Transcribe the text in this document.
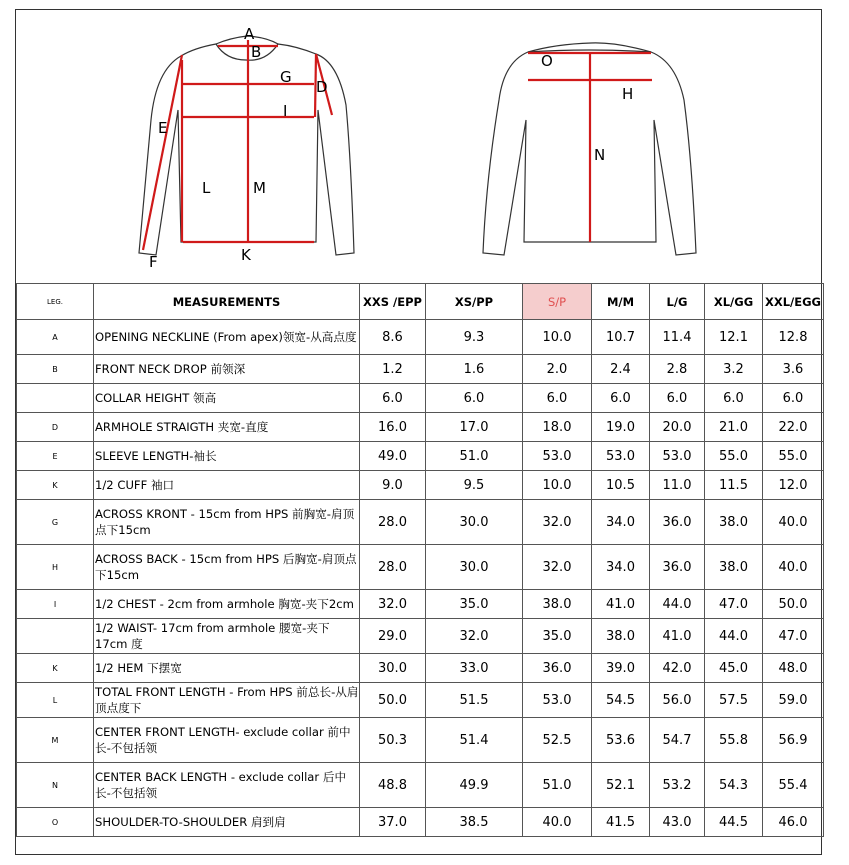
A
B
G
D
I
E
L	M
K
F
O
H
N
LEG.	MEASUREMENTS	XXS /EPP	XS/PP	S/P	M/M	L/G	XL/GG	XXL/EGG
A	OPENING NECKLINE (From apex)领宽-从高点度	8.6	9.3	10.0	10.7	11.4	12.1	12.8
B	FRONT NECK DROP 前领深	1.2	1.6	2.0	2.4	2.8	3.2	3.6
	COLLAR HEIGHT 领高	6.0	6.0	6.0	6.0	6.0	6.0	6.0
D	ARMHOLE STRAIGTH 夹宽-直度	16.0	17.0	18.0	19.0	20.0	21.0	22.0
E	SLEEVE LENGTH-袖长	49.0	51.0	53.0	53.0	53.0	55.0	55.0
K	1/2 CUFF 袖口	9.0	9.5	10.0	10.5	11.0	11.5	12.0
G	ACROSS KRONT - 15cm from HPS 前胸宽-肩顶点下15cm	28.0	30.0	32.0	34.0	36.0	38.0	40.0
H	ACROSS BACK - 15cm from HPS 后胸宽-肩顶点下15cm	28.0	30.0	32.0	34.0	36.0	38.0	40.0
I	1/2 CHEST - 2cm from armhole 胸宽-夹下2cm	32.0	35.0	38.0	41.0	44.0	47.0	50.0
	1/2 WAIST- 17cm from armhole 腰宽-夹下17cm 度	29.0	32.0	35.0	38.0	41.0	44.0	47.0
K	1/2 HEM 下摆宽	30.0	33.0	36.0	39.0	42.0	45.0	48.0
L	TOTAL FRONT LENGTH - From HPS 前总长-从肩顶点度下	50.0	51.5	53.0	54.5	56.0	57.5	59.0
M	CENTER FRONT LENGTH- exclude collar 前中长-不包括领	50.3	51.4	52.5	53.6	54.7	55.8	56.9
N	CENTER BACK LENGTH - exclude collar 后中长-不包括领	48.8	49.9	51.0	52.1	53.2	54.3	55.4
O	SHOULDER-TO-SHOULDER 肩到肩	37.0	38.5	40.0	41.5	43.0	44.5	46.0
